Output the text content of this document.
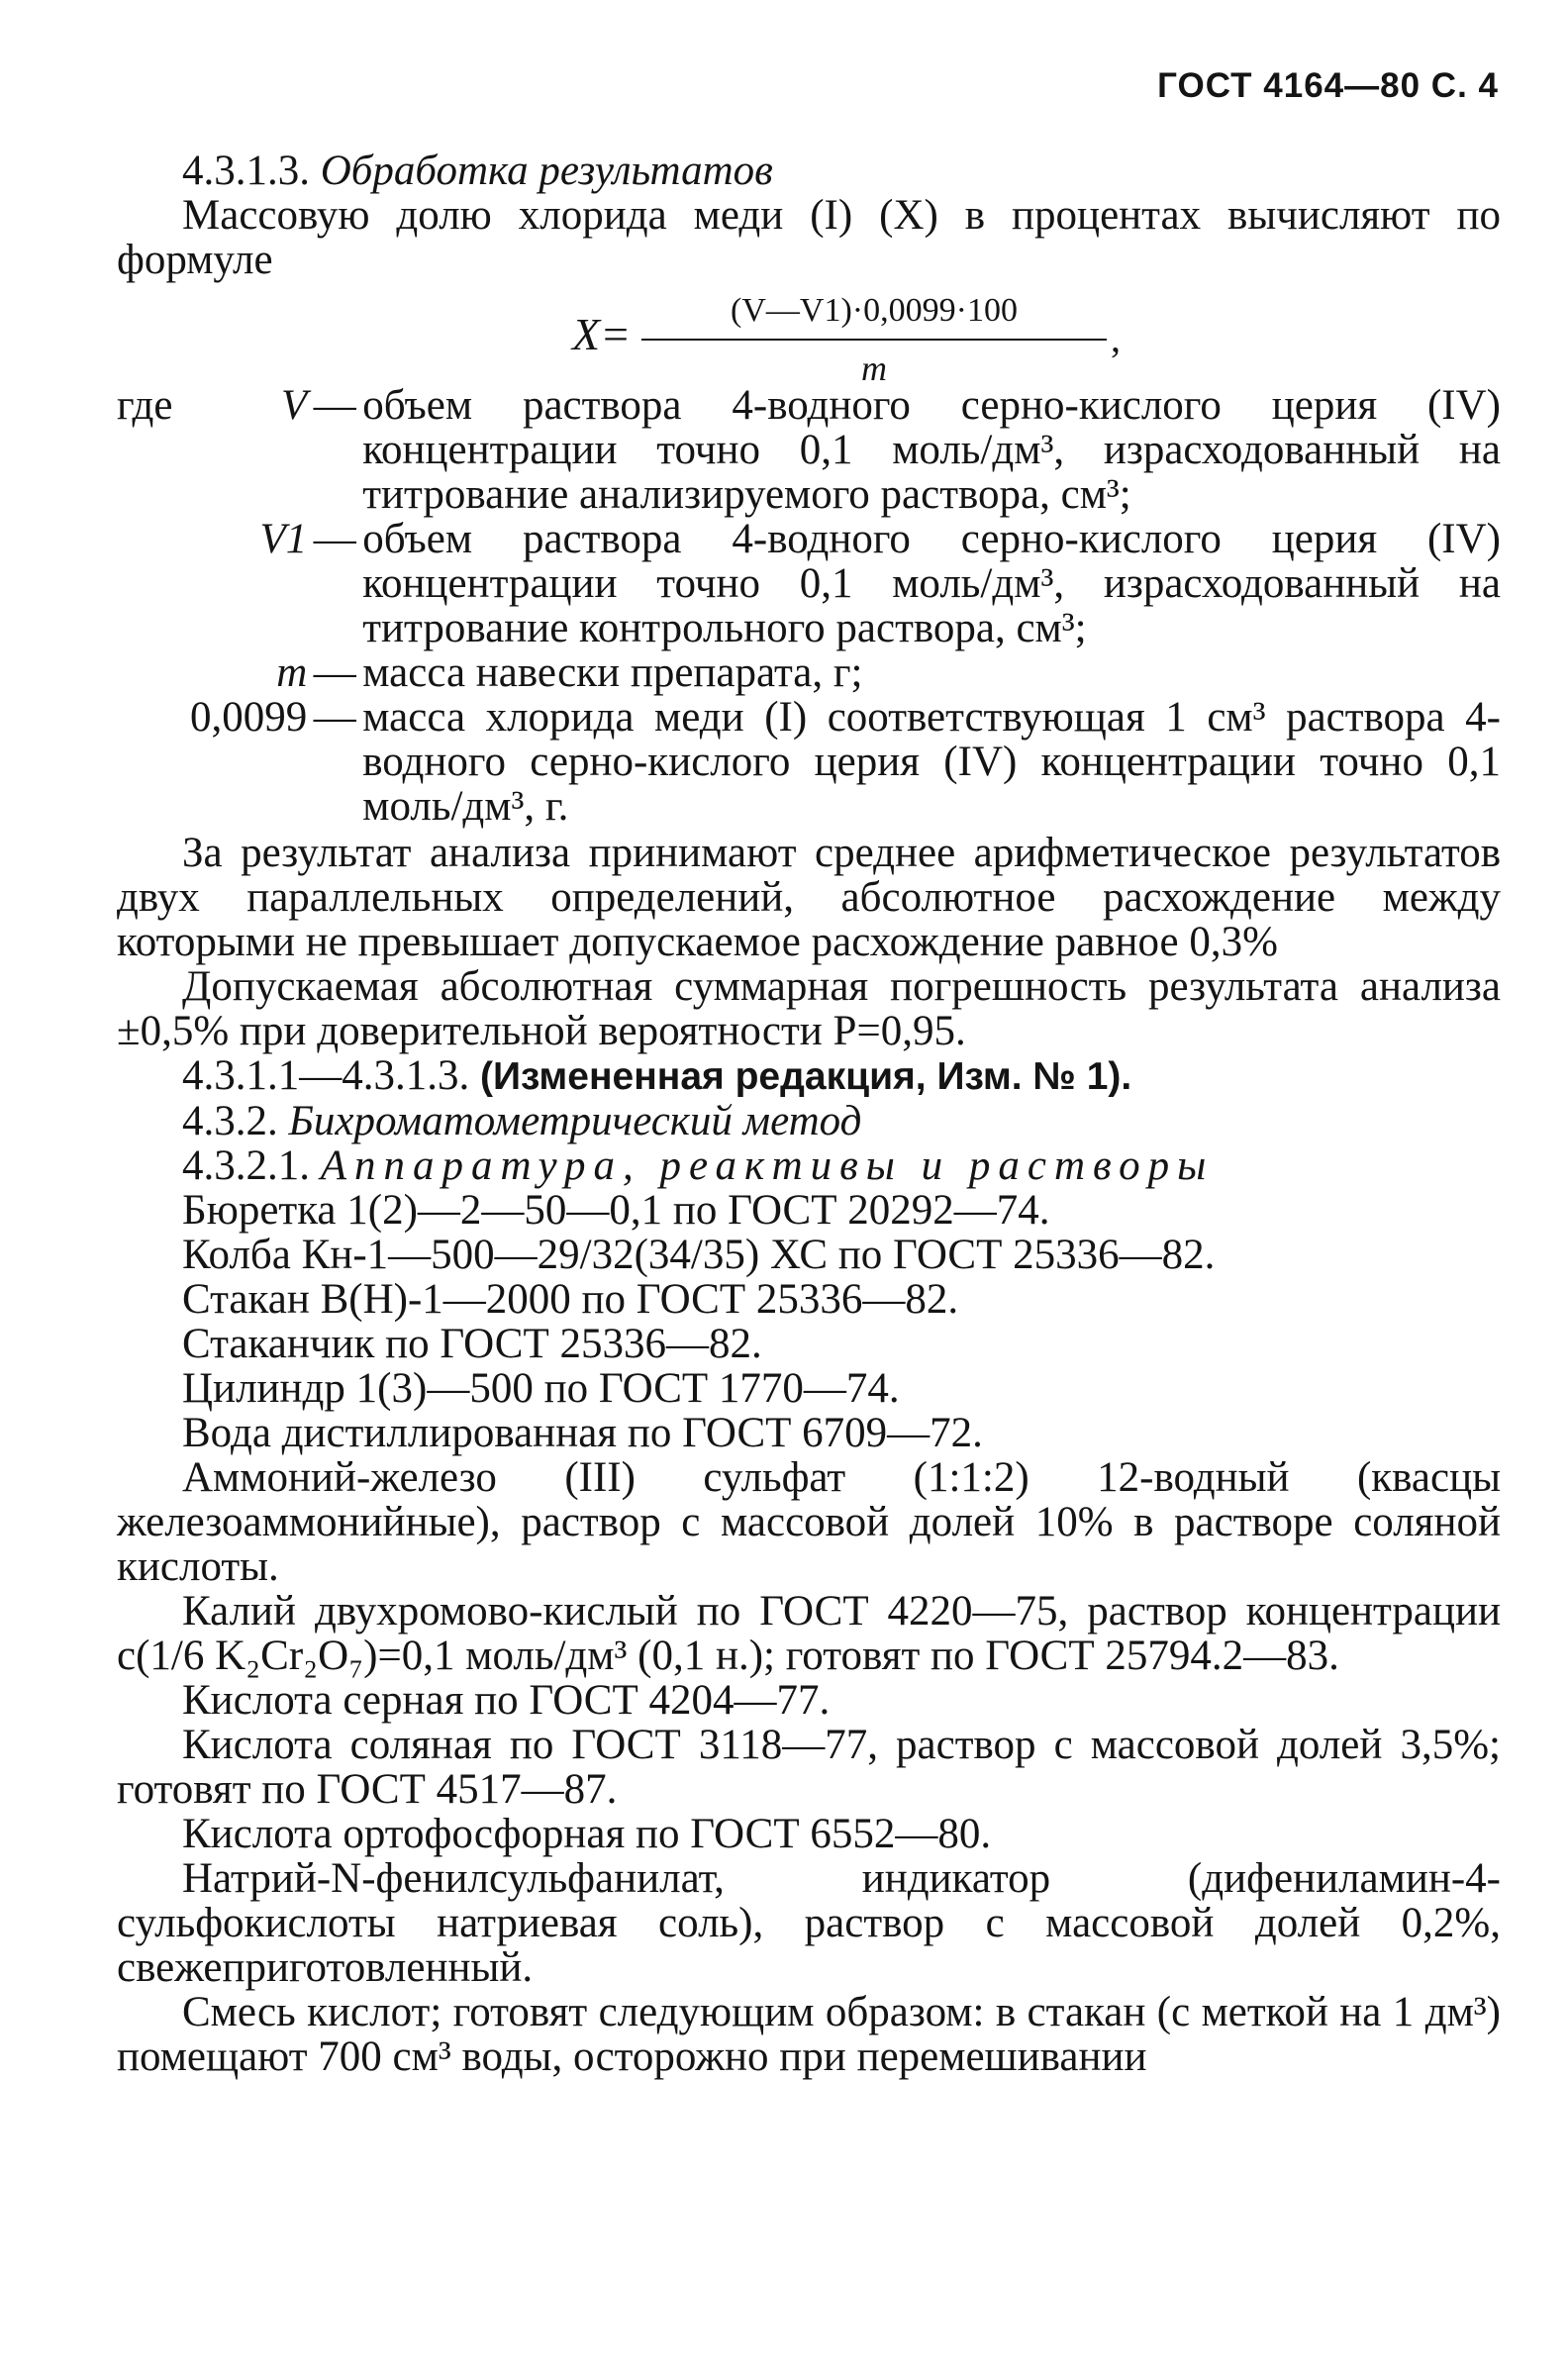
ГОСТ 4164—80 С. 4

4.3.1.3. Обработка результатов

Массовую долю хлорида меди (I) (X) в процентах вычисляют по формуле

$X= \frac{(V—V1)\cdot 0,0099\cdot 100}{m}$ ,
где	V	—	объем раствора 4-водного серно-кислого церия (IV) концентрации точно 0,1 моль/дм³, израсходованный на титрование анализируемого раствора, см³;
	V1	—	объем раствора 4-водного серно-кислого церия (IV) концентрации точно 0,1 моль/дм³, израсходованный на титрование контрольного раствора, см³;
	m	—	масса навески препарата, г;
	0,0099	—	масса хлорида меди (I) соответствующая 1 см³ раствора 4-водного серно-кислого церия (IV) концентрации точно 0,1 моль/дм³, г.

За результат анализа принимают среднее арифметическое результатов двух параллельных определений, абсолютное расхождение между которыми не превышает допускаемое расхождение равное 0,3%

Допускаемая абсолютная суммарная погрешность результата анализа ±0,5% при доверительной вероятности P=0,95.

4.3.1.1—4.3.1.3. (Измененная редакция, Изм. № 1).

4.3.2. Бихроматометрический метод

4.3.2.1. Аппаратура, реактивы и растворы

Бюретка 1(2)—2—50—0,1 по ГОСТ 20292—74.

Колба Кн-1—500—29/32(34/35) ХС по ГОСТ 25336—82.

Стакан В(Н)-1—2000 по ГОСТ 25336—82.

Стаканчик по ГОСТ 25336—82.

Цилиндр 1(3)—500 по ГОСТ 1770—74.

Вода дистиллированная по ГОСТ 6709—72.

Аммоний-железо (III) сульфат (1:1:2) 12-водный (квасцы железоаммонийные), раствор с массовой долей 10% в растворе соляной кислоты.

Калий двухромово-кислый по ГОСТ 4220—75, раствор концентрации c(1/6 K₂Cr₂O₇)=0,1 моль/дм³ (0,1 н.); готовят по ГОСТ 25794.2—83.

Кислота серная по ГОСТ 4204—77.

Кислота соляная по ГОСТ 3118—77, раствор с массовой долей 3,5%; готовят по ГОСТ 4517—87.

Кислота ортофосфорная по ГОСТ 6552—80.

Натрий-N-фенилсульфанилат, индикатор (дифениламин-4-сульфокислоты натриевая соль), раствор с массовой долей 0,2%, свежеприготовленный.

Смесь кислот; готовят следующим образом: в стакан (с меткой на 1 дм³) помещают 700 см³ воды, осторожно при перемешивании
